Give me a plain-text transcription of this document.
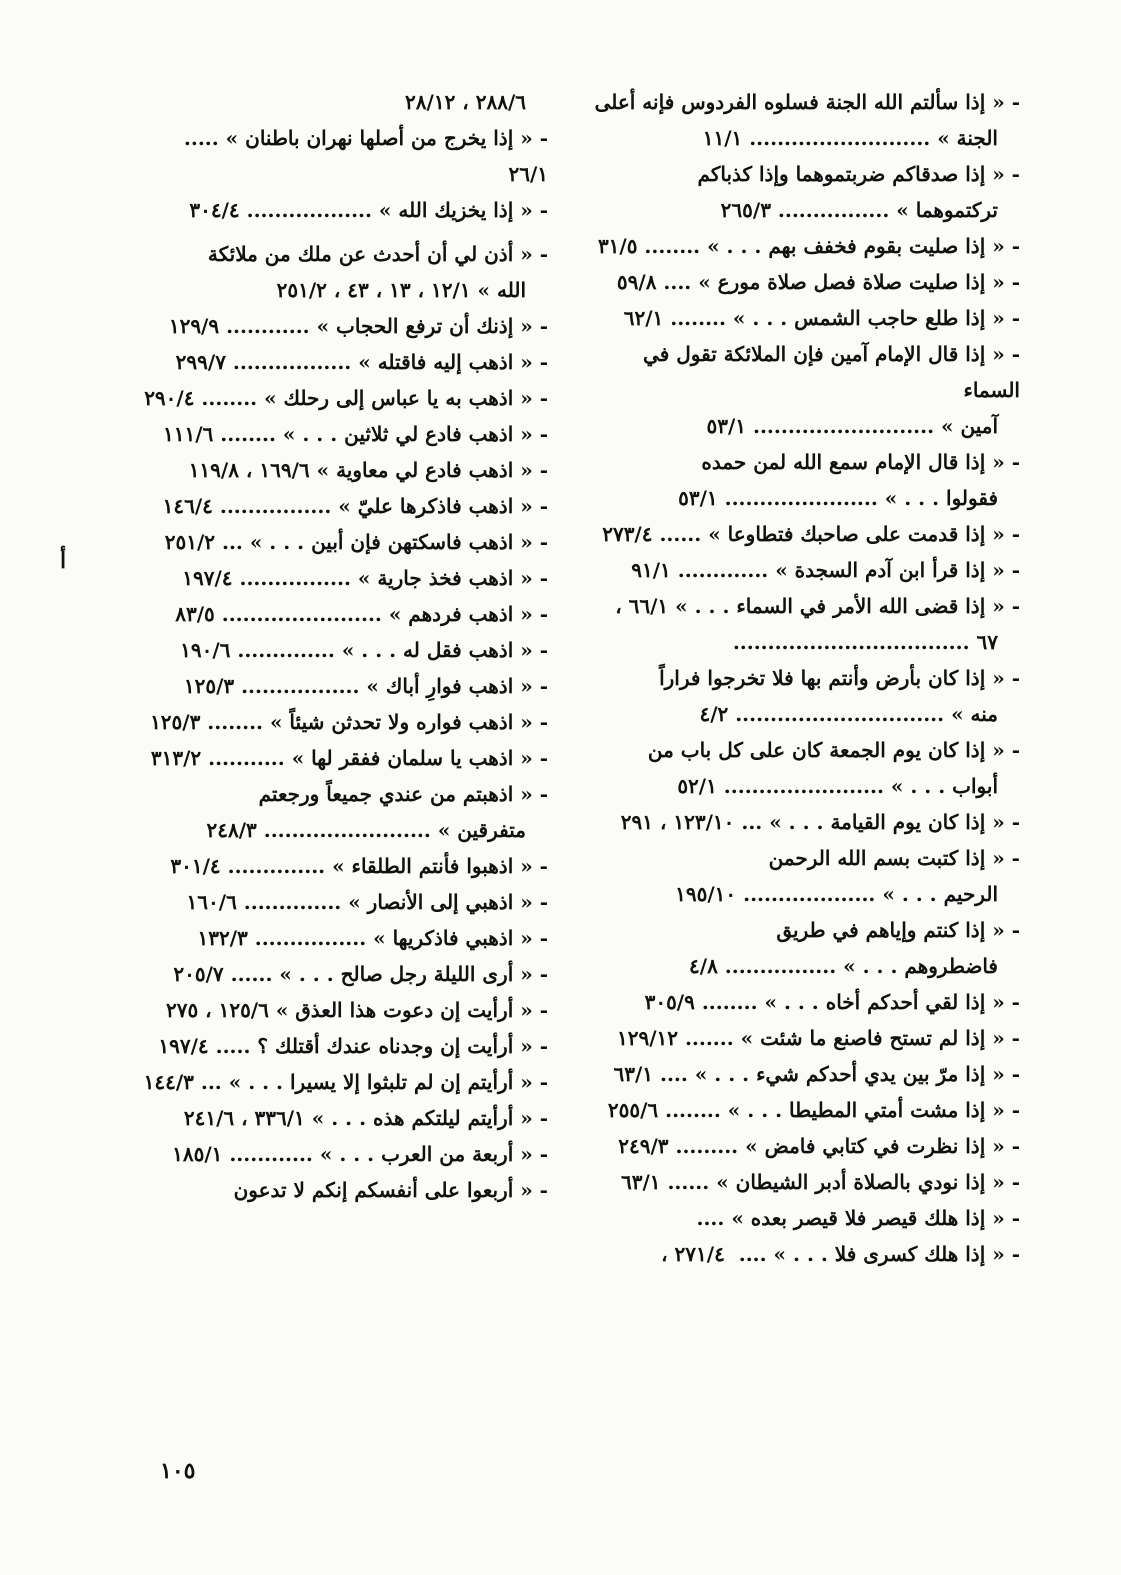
- « إذا سألتم الله الجنة فسلوه الفردوس فإنه أعلى

الجنة » .......................... ١١/١
- « إذا صدقاكم ضربتموهما وإذا كذباكم

تركتموهما » ................ ٢٦٥/٣
- « إذا صليت بقوم فخفف بهم . . . » ........ ٣١/٥
- « إذا صليت صلاة فصل صلاة مورع » .... ٥٩/٨
- « إذا طلع حاجب الشمس . . . » ........ ٦٢/١
- « إذا قال الإمام آمين فإن الملائكة تقول في السماء

آمين » .......................... ٥٣/١
- « إذا قال الإمام سمع الله لمن حمده

فقولوا . . . » ...................... ٥٣/١
- « إذا قدمت على صاحبك فتطاوعا » ...... ٢٧٣/٤
- « إذا قرأ ابن آدم السجدة » ............. ٩١/١
- « إذا قضى الله الأمر في السماء . . . » ٦٦/١ ،

٦٧ ..................................
- « إذا كان بأرض وأنتم بها فلا تخرجوا فراراً

منه » .............................. ٤/٢
- « إذا كان يوم الجمعة كان على كل باب من

أبواب . . . » ....................... ٥٢/١
- « إذا كان يوم القيامة . . . » ... ١٢٣/١٠ ، ٢٩١
- « إذا كتبت بسم الله الرحمن

الرحيم . . . » ................... ١٩٥/١٠
- « إذا كنتم وإياهم في طريق

فاضطروهم . . . » ................ ٤/٨
- « إذا لقي أحدكم أخاه . . . » ........ ٣٠٥/٩
- « إذا لم تستح فاصنع ما شئت » ....... ١٢٩/١٢
- « إذا مرّ بين يدي أحدكم شيء . . . » .... ٦٣/١
- « إذا مشت أمتي المطيطا . . . » ........ ٢٥٥/٦
- « إذا نظرت في كتابي فامض » ......... ٢٤٩/٣
- « إذا نودي بالصلاة أدبر الشيطان » ...... ٦٣/١
- « إذا هلك قيصر فلا قيصر بعده » ....
- « إذا هلك كسرى فلا . . . » ....  ٢٧١/٤ ،
٢٨٨/٦ ، ٢٨/١٢
- « إذا يخرج من أصلها نهران باطنان » ..... ٢٦/١
- « إذا يخزيك الله » .................. ٣٠٤/٤
- « أذن لي أن أحدث عن ملك من ملائكة

الله » ١٢/١ ، ١٣ ، ٤٣ ، ٢٥١/٢
- « إذنك أن ترفع الحجاب » ............ ١٢٩/٩
- « اذهب إليه فاقتله » ................. ٢٩٩/٧
- « اذهب به يا عباس إلى رحلك » ........ ٢٩٠/٤
- « اذهب فادع لي ثلاثين . . . » ........ ١١١/٦
- « اذهب فادع لي معاوية » ١٦٩/٦ ، ١١٩/٨
- « اذهب فاذكرها عليّ » ................ ١٤٦/٤
- « اذهب فاسكتهن فإن أبين . . . » ... ٢٥١/٢
- « اذهب فخذ جارية » ................ ١٩٧/٤
- « اذهب فردهم » ....................... ٨٣/٥
- « اذهب فقل له . . . » .............. ١٩٠/٦
- « اذهب فوارِ أباك » ................. ١٢٥/٣
- « اذهب فواره ولا تحدثن شيئاً » ........ ١٢٥/٣
- « اذهب يا سلمان ففقر لها » ........... ٣١٣/٢
- « اذهبتم من عندي جميعاً ورجعتم

متفرقين » ........................ ٢٤٨/٣
- « اذهبوا فأنتم الطلقاء » .............. ٣٠١/٤
- « اذهبي إلى الأنصار » .............. ١٦٠/٦
- « اذهبي فاذكريها » ................ ١٣٢/٣
- « أرى الليلة رجل صالح . . . » ...... ٢٠٥/٧
- « أرأيت إن دعوت هذا العذق » ١٢٥/٦ ، ٢٧٥
- « أرأيت إن وجدناه عندك أقتلك ؟ ..... ١٩٧/٤
- « أرأيتم إن لم تلبثوا إلا يسيرا . . . » ... ١٤٤/٣
- « أرأيتم ليلتكم هذه . . . » ٣٣٦/١ ، ٢٤١/٦
- « أربعة من العرب . . . » ............ ١٨٥/١
- « أربعوا على أنفسكم إنكم لا تدعون
أ
١٠٥
